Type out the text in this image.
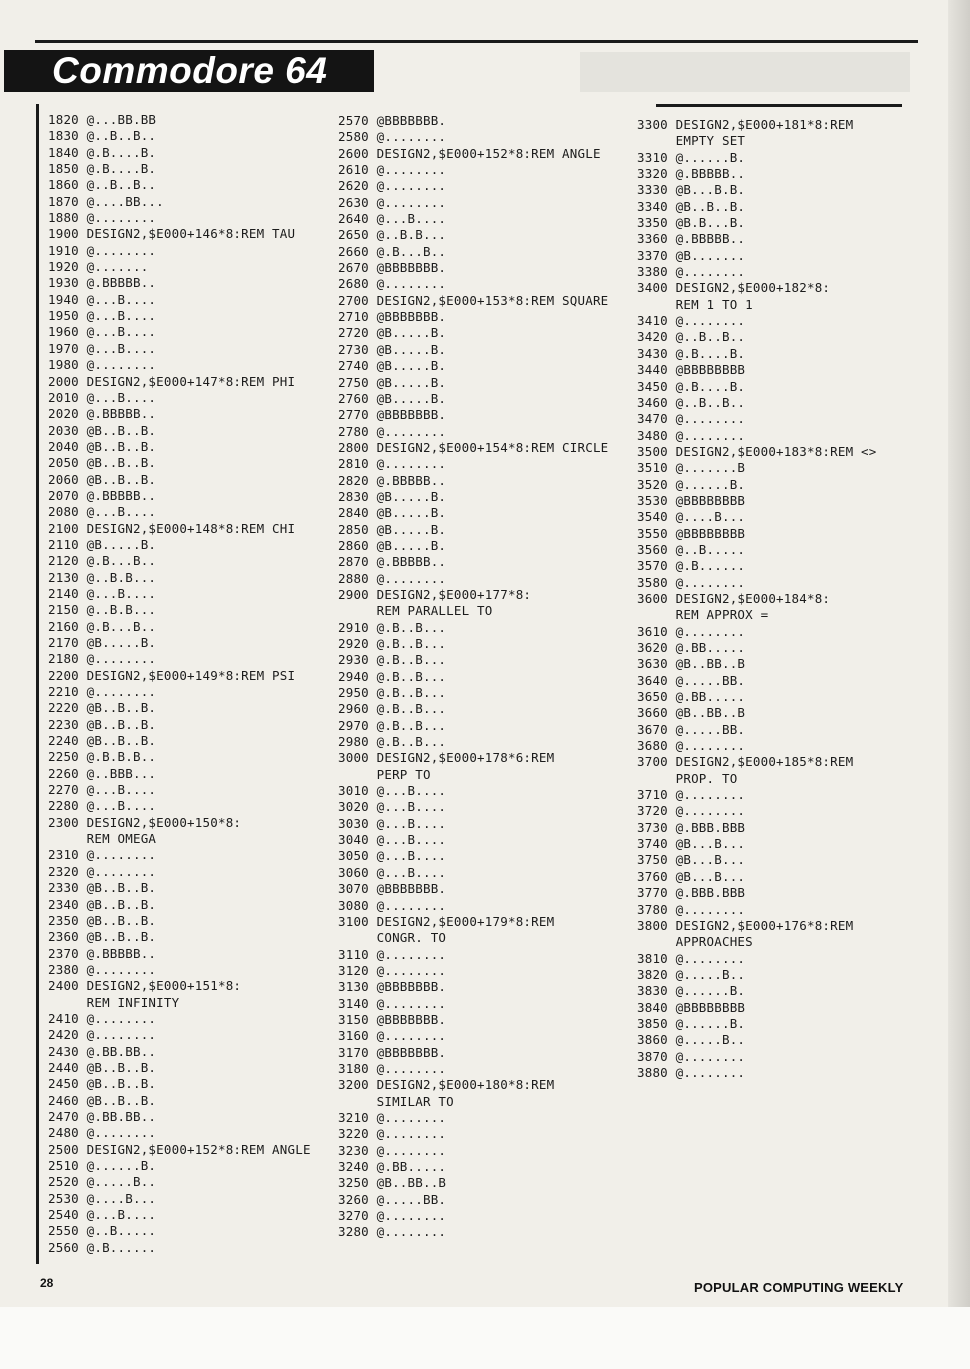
Commodore 64
1820 @...BB.BB
1830 @..B..B..
1840 @.B....B.
1850 @.B....B.
1860 @..B..B..
1870 @....BB...
1880 @........
1900 DESIGN2,$E000+146*8:REM TAU
1910 @........
1920 @.......
1930 @.BBBBB..
1940 @...B....
1950 @...B....
1960 @...B....
1970 @...B....
1980 @........
2000 DESIGN2,$E000+147*8:REM PHI
2010 @...B....
2020 @.BBBBB..
2030 @B..B..B.
2040 @B..B..B.
2050 @B..B..B.
2060 @B..B..B.
2070 @.BBBBB..
2080 @...B....
2100 DESIGN2,$E000+148*8:REM CHI
2110 @B.....B.
2120 @.B...B..
2130 @..B.B...
2140 @...B....
2150 @..B.B...
2160 @.B...B..
2170 @B.....B.
2180 @........
2200 DESIGN2,$E000+149*8:REM PSI
2210 @........
2220 @B..B..B.
2230 @B..B..B.
2240 @B..B..B.
2250 @.B.B.B..
2260 @..BBB...
2270 @...B....
2280 @...B....
2300 DESIGN2,$E000+150*8:
REM OMEGA
2310 @........
2320 @........
2330 @B..B..B.
2340 @B..B..B.
2350 @B..B..B.
2360 @B..B..B.
2370 @.BBBBB..
2380 @........
2400 DESIGN2,$E000+151*8:
REM INFINITY
2410 @........
2420 @........
2430 @.BB.BB..
2440 @B..B..B.
2450 @B..B..B.
2460 @B..B..B.
2470 @.BB.BB..
2480 @........
2500 DESIGN2,$E000+152*8:REM ANGLE
2510 @......B.
2520 @.....B..
2530 @....B...
2540 @...B....
2550 @..B.....
2560 @.B......
2570 @BBBBBBB.
2580 @........
2600 DESIGN2,$E000+152*8:REM ANGLE
2610 @........
2620 @........
2630 @........
2640 @...B....
2650 @..B.B...
2660 @.B...B..
2670 @BBBBBBB.
2680 @........
2700 DESIGN2,$E000+153*8:REM SQUARE
2710 @BBBBBBB.
2720 @B.....B.
2730 @B.....B.
2740 @B.....B.
2750 @B.....B.
2760 @B.....B.
2770 @BBBBBBB.
2780 @........
2800 DESIGN2,$E000+154*8:REM CIRCLE
2810 @........
2820 @.BBBBB..
2830 @B.....B.
2840 @B.....B.
2850 @B.....B.
2860 @B.....B.
2870 @.BBBBB..
2880 @........
2900 DESIGN2,$E000+177*8:
REM PARALLEL TO
2910 @.B..B...
2920 @.B..B...
2930 @.B..B...
2940 @.B..B...
2950 @.B..B...
2960 @.B..B...
2970 @.B..B...
2980 @.B..B...
3000 DESIGN2,$E000+178*6:REM
PERP TO
3010 @...B....
3020 @...B....
3030 @...B....
3040 @...B....
3050 @...B....
3060 @...B....
3070 @BBBBBBB.
3080 @........
3100 DESIGN2,$E000+179*8:REM
CONGR. TO
3110 @........
3120 @........
3130 @BBBBBBB.
3140 @........
3150 @BBBBBBB.
3160 @........
3170 @BBBBBBB.
3180 @........
3200 DESIGN2,$E000+180*8:REM
SIMILAR TO
3210 @........
3220 @........
3230 @........
3240 @.BB.....
3250 @B..BB..B
3260 @.....BB.
3270 @........
3280 @........
3300 DESIGN2,$E000+181*8:REM
EMPTY SET
3310 @......B.
3320 @.BBBBB..
3330 @B...B.B.
3340 @B..B..B.
3350 @B.B...B.
3360 @.BBBBB..
3370 @B.......
3380 @........
3400 DESIGN2,$E000+182*8:
REM 1 TO 1
3410 @........
3420 @..B..B..
3430 @.B....B.
3440 @BBBBBBBB
3450 @.B....B.
3460 @..B..B..
3470 @........
3480 @........
3500 DESIGN2,$E000+183*8:REM <>
3510 @.......B
3520 @......B.
3530 @BBBBBBBB
3540 @....B...
3550 @BBBBBBBB
3560 @..B.....
3570 @.B......
3580 @........
3600 DESIGN2,$E000+184*8:
REM APPROX =
3610 @........
3620 @.BB.....
3630 @B..BB..B
3640 @.....BB.
3650 @.BB.....
3660 @B..BB..B
3670 @.....BB.
3680 @........
3700 DESIGN2,$E000+185*8:REM
PROP. TO
3710 @........
3720 @........
3730 @.BBB.BBB
3740 @B...B...
3750 @B...B...
3760 @B...B...
3770 @.BBB.BBB
3780 @........
3800 DESIGN2,$E000+176*8:REM
APPROACHES
3810 @........
3820 @.....B..
3830 @......B.
3840 @BBBBBBBB
3850 @......B.
3860 @.....B..
3870 @........
3880 @........
28	POPULAR COMPUTING WEEKLY
